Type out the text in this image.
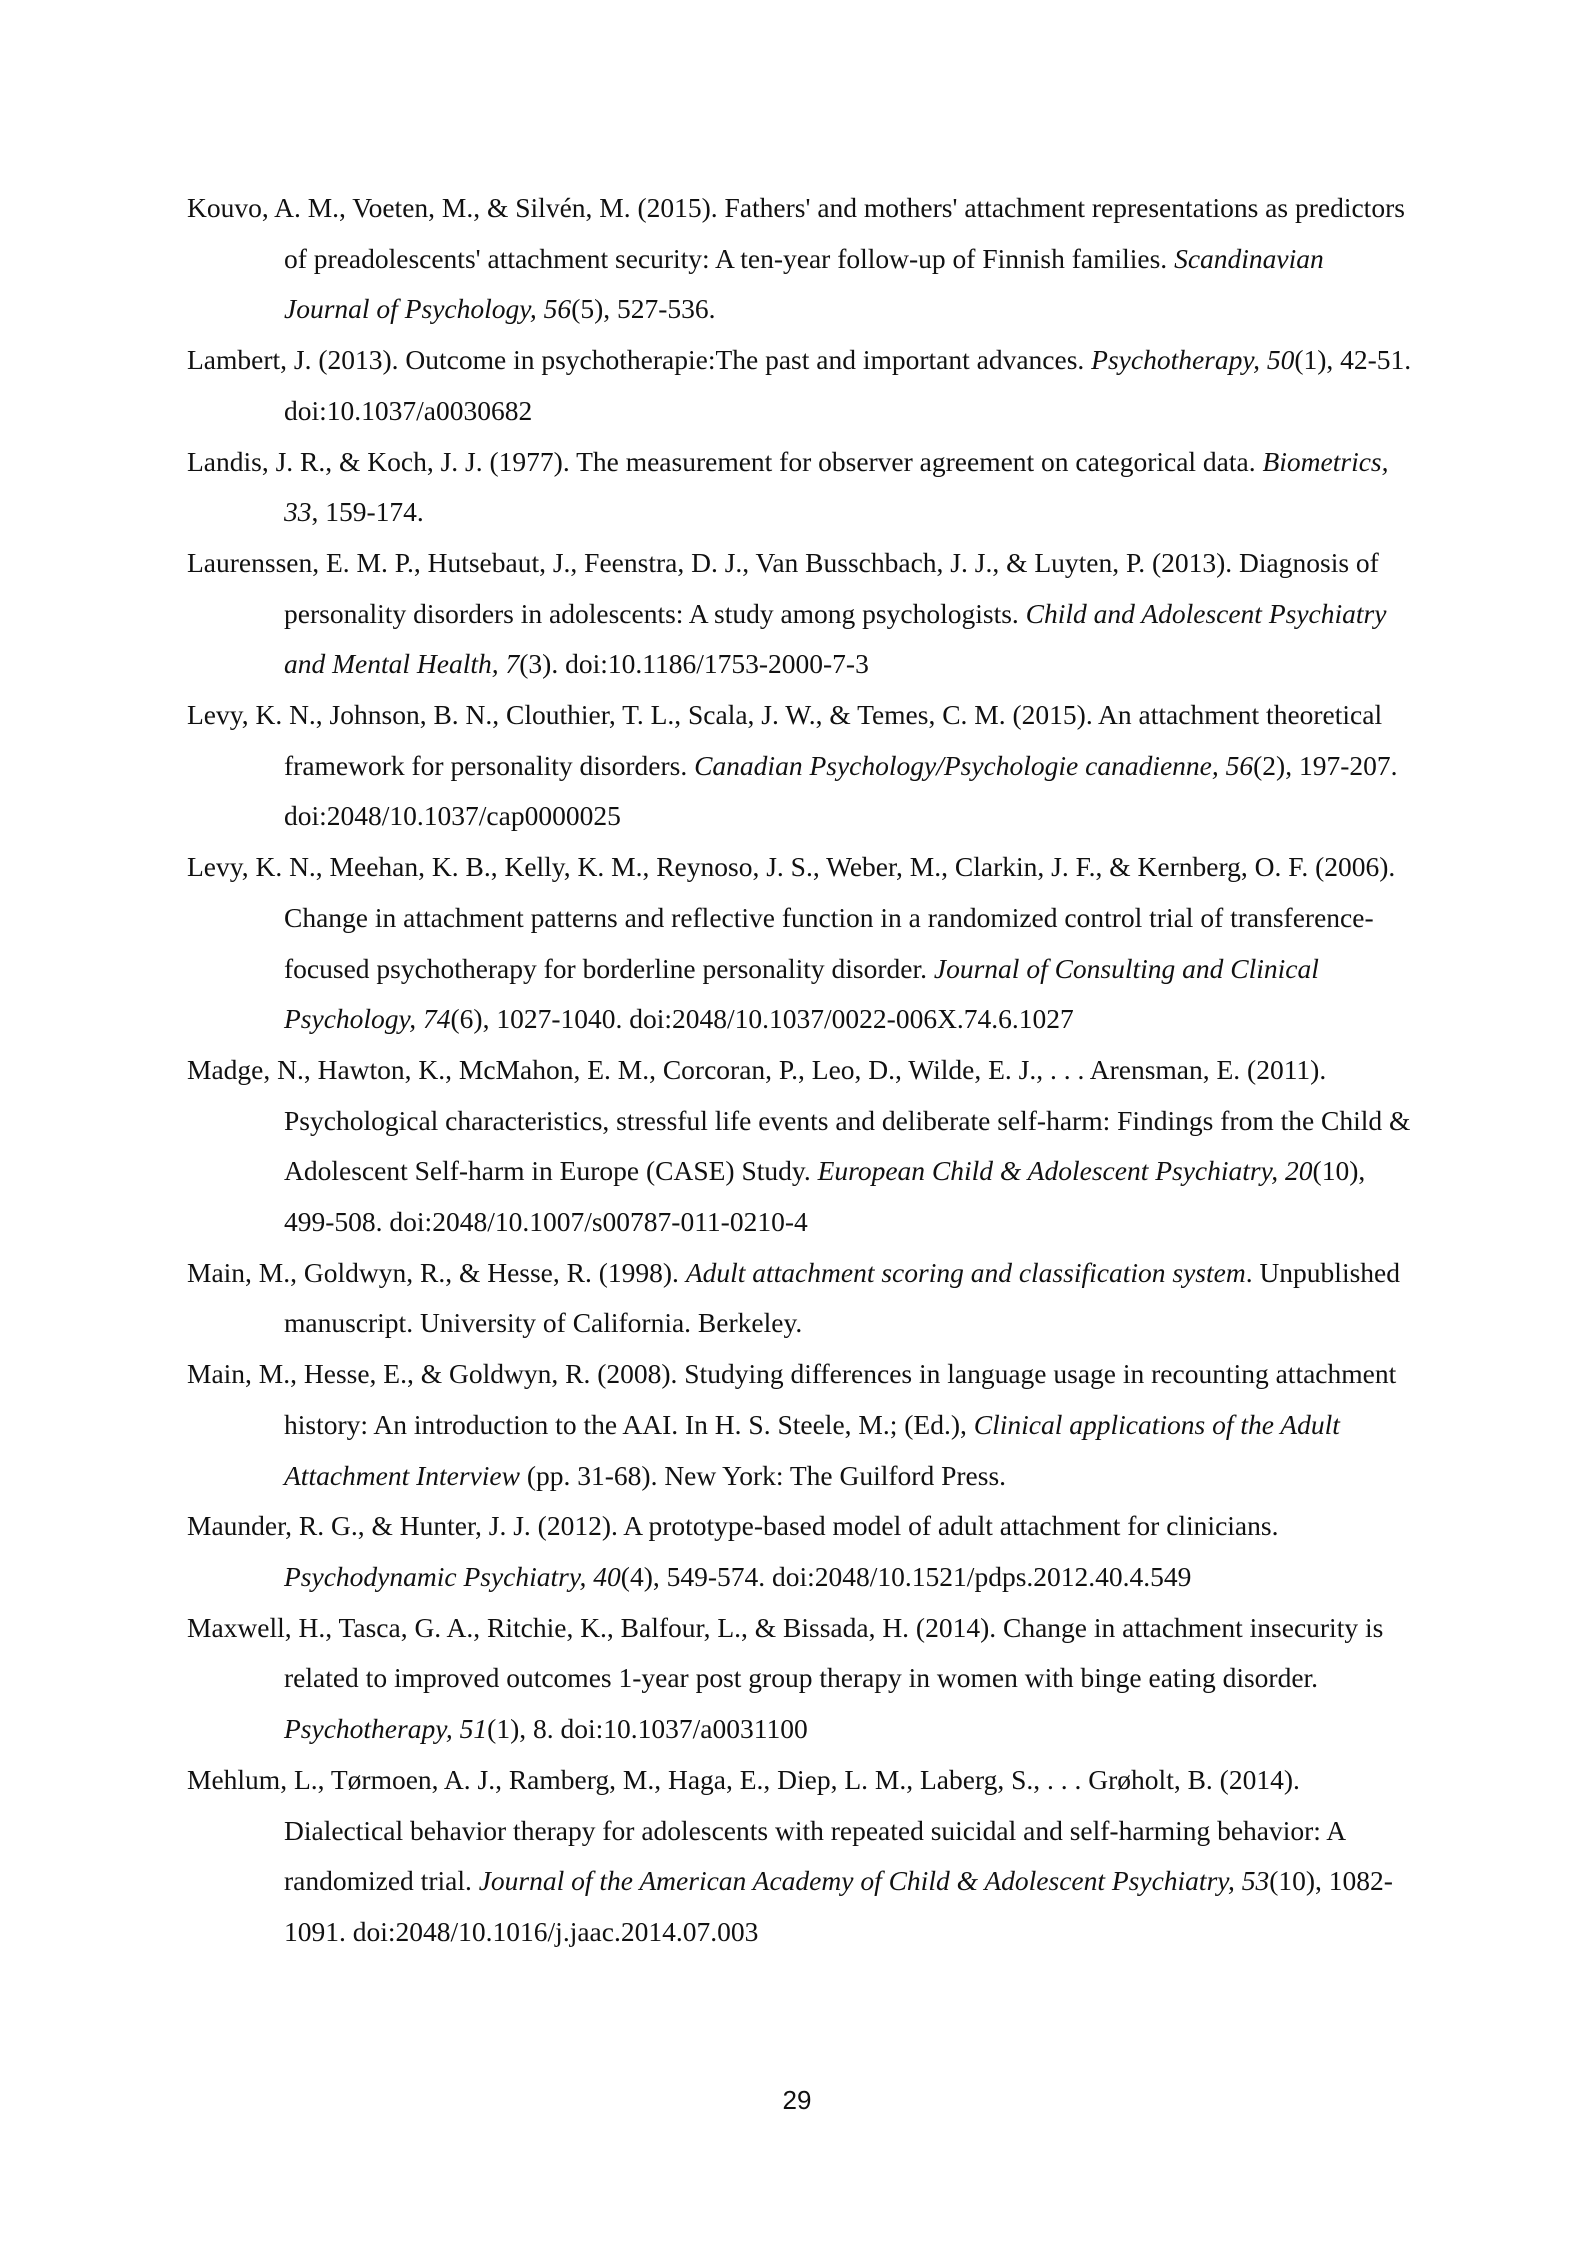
Kouvo, A. M., Voeten, M., & Silvén, M. (2015). Fathers' and mothers' attachment representations as predictors of preadolescents' attachment security: A ten-year follow-up of Finnish families. Scandinavian Journal of Psychology, 56(5), 527-536.

Lambert, J. (2013). Outcome in psychotherapie:The past and important advances. Psychotherapy, 50(1), 42-51. doi:10.1037/a0030682

Landis, J. R., & Koch, J. J. (1977). The measurement for observer agreement on categorical data. Biometrics, 33, 159-174.

Laurenssen, E. M. P., Hutsebaut, J., Feenstra, D. J., Van Busschbach, J. J., & Luyten, P. (2013). Diagnosis of personality disorders in adolescents: A study among psychologists. Child and Adolescent Psychiatry and Mental Health, 7(3). doi:10.1186/1753-2000-7-3

Levy, K. N., Johnson, B. N., Clouthier, T. L., Scala, J. W., & Temes, C. M. (2015). An attachment theoretical framework for personality disorders. Canadian Psychology/Psychologie canadienne, 56(2), 197-207. doi:2048/10.1037/cap0000025

Levy, K. N., Meehan, K. B., Kelly, K. M., Reynoso, J. S., Weber, M., Clarkin, J. F., & Kernberg, O. F. (2006). Change in attachment patterns and reflective function in a randomized control trial of transference-focused psychotherapy for borderline personality disorder. Journal of Consulting and Clinical Psychology, 74(6), 1027-1040. doi:2048/10.1037/0022-006X.74.6.1027

Madge, N., Hawton, K., McMahon, E. M., Corcoran, P., Leo, D., Wilde, E. J., . . . Arensman, E. (2011). Psychological characteristics, stressful life events and deliberate self-harm: Findings from the Child & Adolescent Self-harm in Europe (CASE) Study. European Child & Adolescent Psychiatry, 20(10), 499-508. doi:2048/10.1007/s00787-011-0210-4

Main, M., Goldwyn, R., & Hesse, R. (1998). Adult attachment scoring and classification system. Unpublished manuscript. University of California. Berkeley.

Main, M., Hesse, E., & Goldwyn, R. (2008). Studying differences in language usage in recounting attachment history: An introduction to the AAI. In H. S. Steele, M.; (Ed.), Clinical applications of the Adult Attachment Interview (pp. 31-68). New York: The Guilford Press.

Maunder, R. G., & Hunter, J. J. (2012). A prototype-based model of adult attachment for clinicians. Psychodynamic Psychiatry, 40(4), 549-574. doi:2048/10.1521/pdps.2012.40.4.549

Maxwell, H., Tasca, G. A., Ritchie, K., Balfour, L., & Bissada, H. (2014). Change in attachment insecurity is related to improved outcomes 1-year post group therapy in women with binge eating disorder. Psychotherapy, 51(1), 8. doi:10.1037/a0031100

Mehlum, L., Tørmoen, A. J., Ramberg, M., Haga, E., Diep, L. M., Laberg, S., . . . Grøholt, B. (2014). Dialectical behavior therapy for adolescents with repeated suicidal and self-harming behavior: A randomized trial. Journal of the American Academy of Child & Adolescent Psychiatry, 53(10), 1082-1091. doi:2048/10.1016/j.jaac.2014.07.003

29
